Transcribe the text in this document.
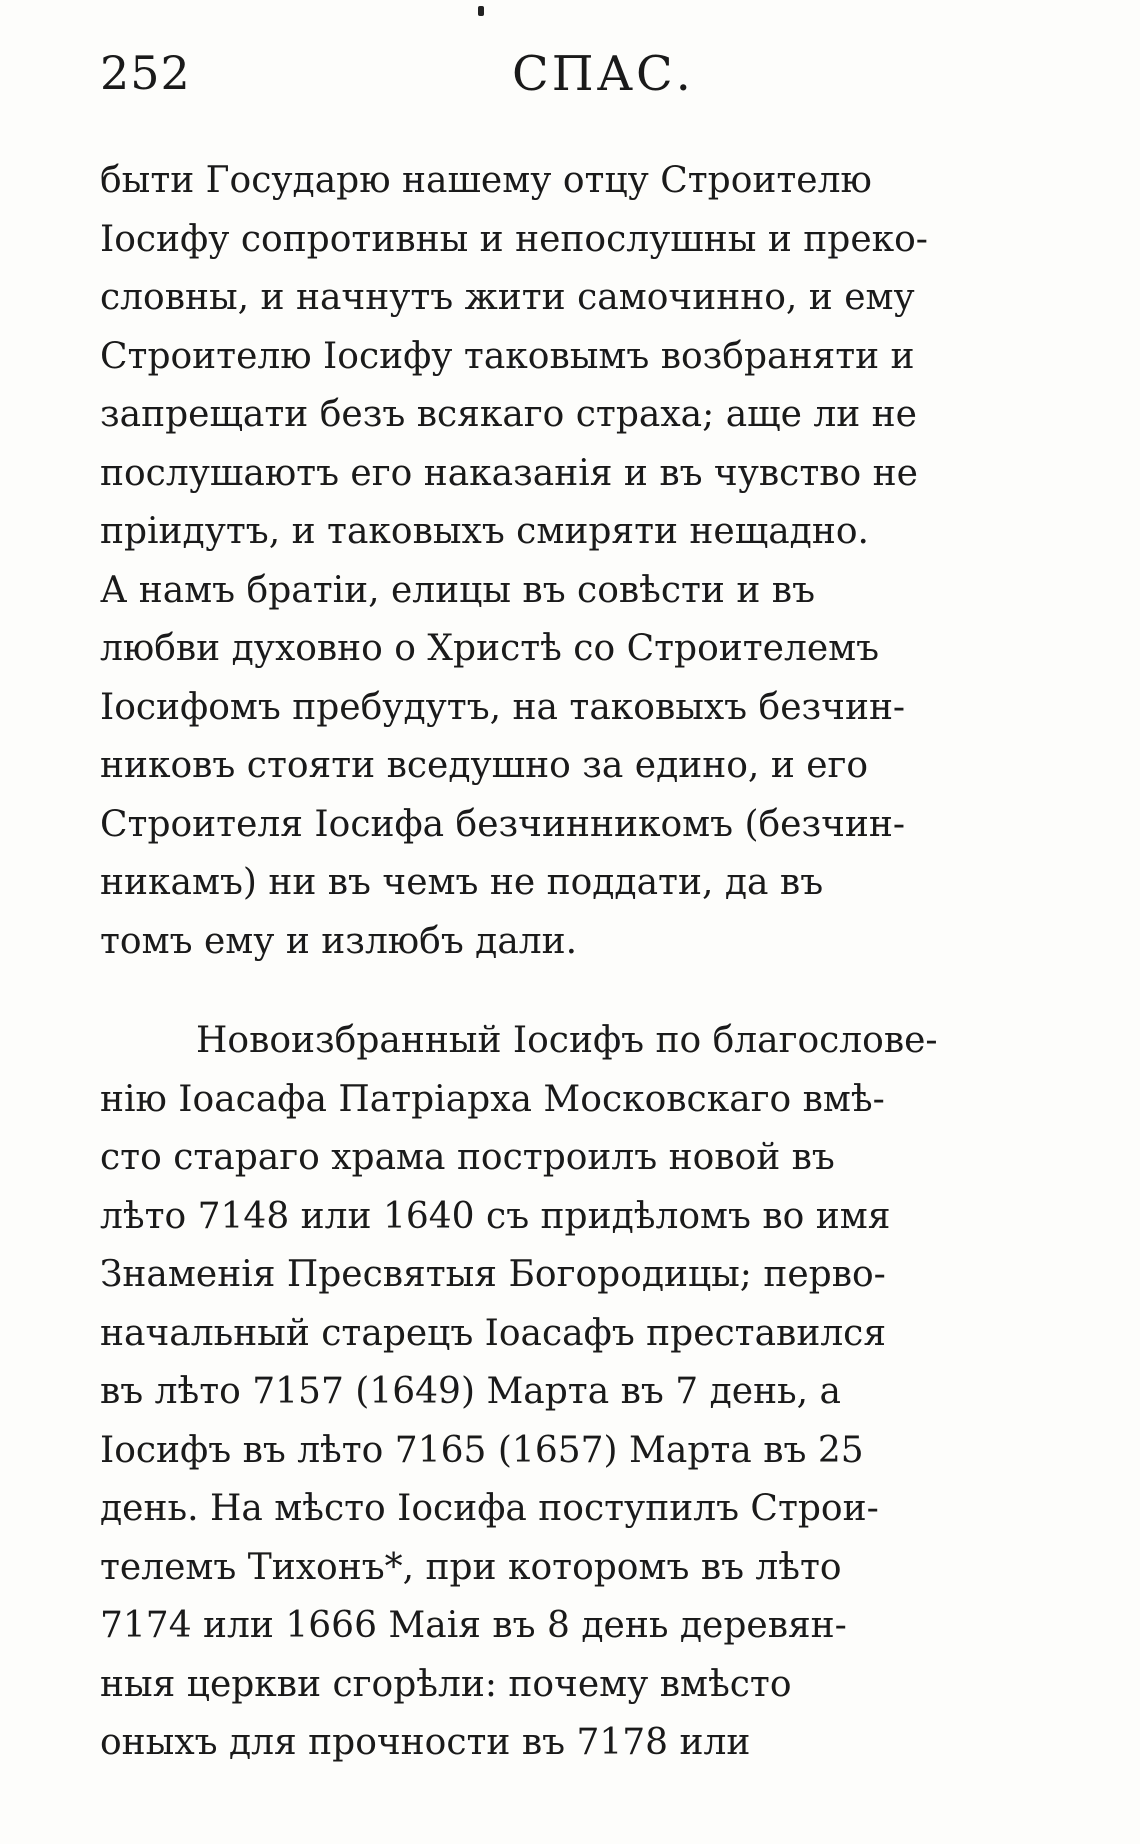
252	СПАС.
быти Государю нашему отцу Строителю
Іосифу сопротивны и непослушны и преко-
словны, и начнутъ жити самочинно, и ему
Строителю Іосифу таковымъ возбраняти и
запрещати безъ всякаго страха; аще ли не
послушаютъ его наказанія и въ чувство не
пріидутъ, и таковыхъ смиряти нещадно.
А намъ братіи, елицы въ совѣсти и въ
любви духовно о Христѣ со Строителемъ
Іосифомъ пребудутъ, на таковыхъ безчин-
никовъ стояти вседушно за едино, и его
Строителя Іосифа безчинникомъ (безчин-
никамъ) ни въ чемъ не поддати, да въ
томъ ему и излюбъ дали.
Новоизбранный Іосифъ по благослове-
нію Іоасафа Патріарха Московскаго вмѣ-
сто стараго храма построилъ новой въ
лѣто 7148 или 1640 съ придѣломъ во имя
Знаменія Пресвятыя Богородицы; перво-
начальный старецъ Іоасафъ преставился
въ лѣто 7157 (1649) Марта въ 7 день, а
Іосифъ въ лѣто 7165 (1657) Марта въ 25
день. На мѣсто Іосифа поступилъ Строи-
телемъ Тихонъ*, при которомъ въ лѣто
7174 или 1666 Маія въ 8 день деревян-
ныя церкви сгорѣли: почему вмѣсто
оныхъ для прочности въ 7178 или
